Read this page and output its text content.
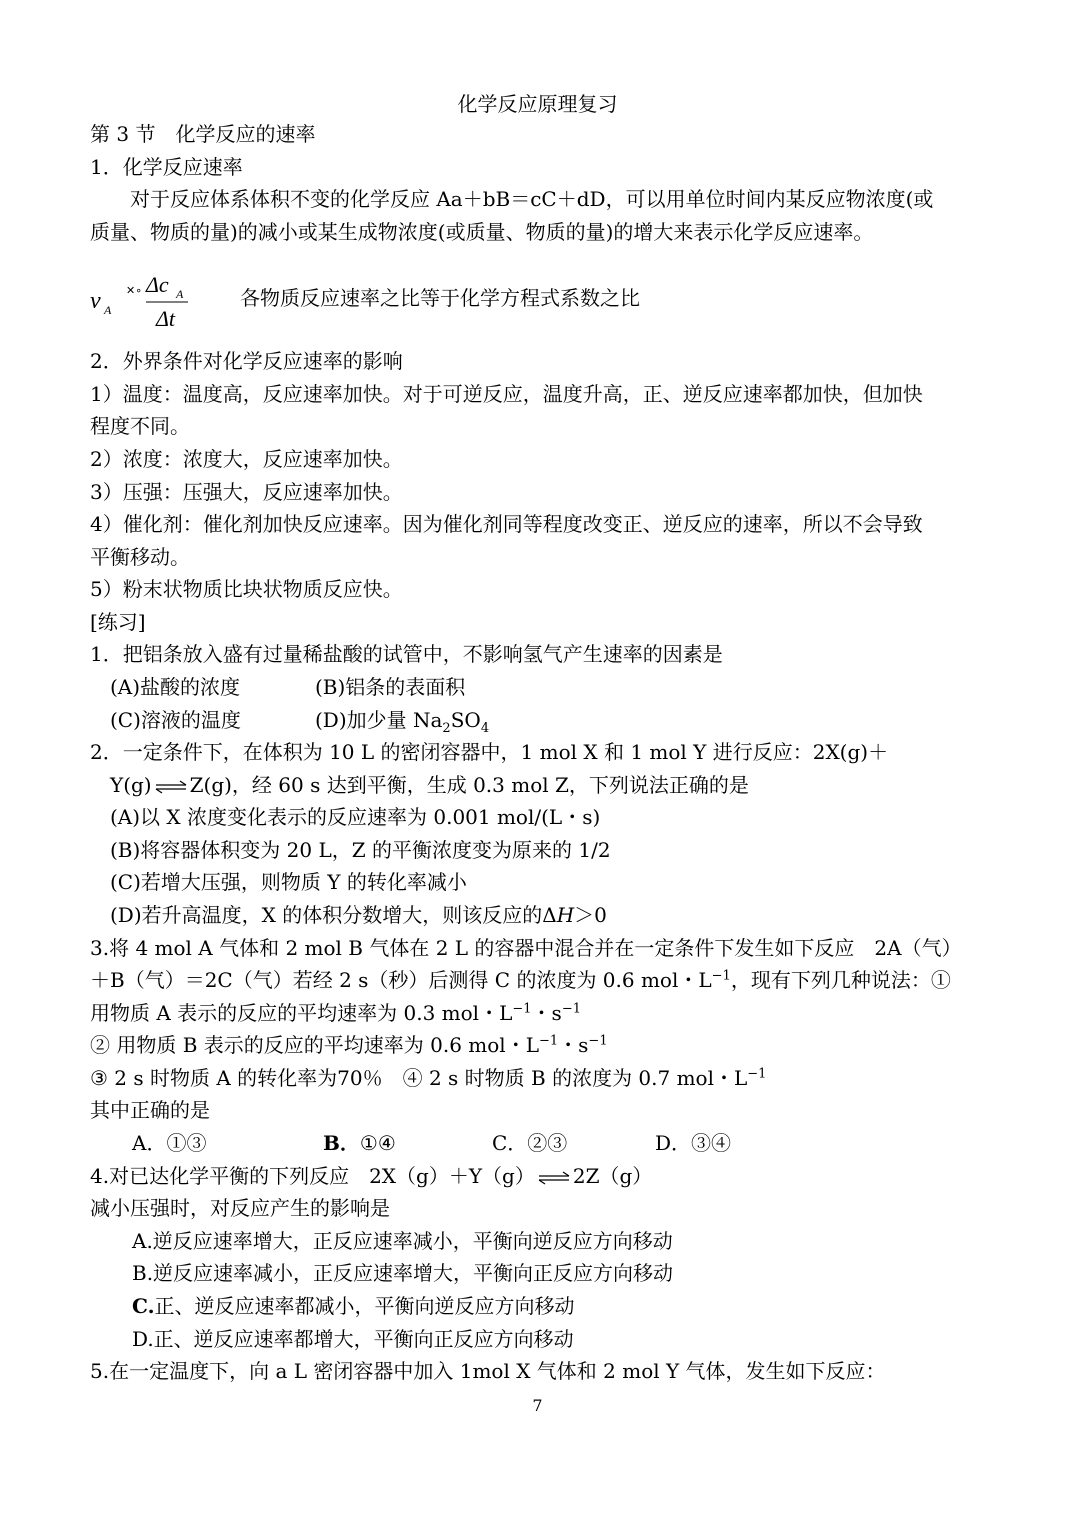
化学反应原理复习
第 3 节　化学反应的速率
1．化学反应速率
对于反应体系体积不变的化学反应 Aa＋bB＝cC＋dD，可以用单位时间内某反应物浓度(或
质量、物质的量)的减小或某生成物浓度(或质量、物质的量)的增大来表示化学反应速率。
ν A
✕∘ Δc A
Δt
各物质反应速率之比等于化学方程式系数之比
2．外界条件对化学反应速率的影响
1）温度：温度高，反应速率加快。对于可逆反应，温度升高，正、逆反应速率都加快，但加快
程度不同。
2）浓度：浓度大，反应速率加快。
3）压强：压强大，反应速率加快。
4）催化剂：催化剂加快反应速率。因为催化剂同等程度改变正、逆反应的速率，所以不会导致
平衡移动。
5）粉末状物质比块状物质反应快。
[练习]
1．把铝条放入盛有过量稀盐酸的试管中，不影响氢气产生速率的因素是
(A)盐酸的浓度	(B)铝条的表面积
(C)溶液的温度	(D)加少量 $Na_2SO_4$
2．一定条件下，在体积为 10 L 的密闭容器中，1 mol X 和 1 mol Y 进行反应：2X(g)＋
Y(g) ⇌ Z(g)，经 60 s 达到平衡，生成 0.3 mol Z，下列说法正确的是
(A)以 X 浓度变化表示的反应速率为 0.001 mol/(L・s)
(B)将容器体积变为 20 L，Z 的平衡浓度变为原来的 1/2
(C)若增大压强，则物质 Y 的转化率减小
(D)若升高温度，X 的体积分数增大，则该反应的ΔH＞0
3.将 4 mol A 气体和 2 mol B 气体在 2 L 的容器中混合并在一定条件下发生如下反应　2A（气）
＋B（气）＝2C（气）若经 2 s（秒）后测得 C 的浓度为 0.6 mol・$L^{-1}$，现有下列几种说法：①
用物质 A 表示的反应的平均速率为 0.3 mol・$L^{-1}$・$s^{-1}$
② 用物质 B 表示的反应的平均速率为 0.6 mol・$L^{-1}$・$s^{-1}$
③ 2 s 时物质 A 的转化率为70％　④ 2 s 时物质 B 的浓度为 0.7 mol・$L^{-1}$
其中正确的是
A．①③	B．①④	C．②③	D．③④
4.对已达化学平衡的下列反应　2X（g）＋Y（g） ⇌ 2Z（g）
减小压强时，对反应产生的影响是
A.逆反应速率增大，正反应速率减小，平衡向逆反应方向移动
B.逆反应速率减小，正反应速率增大，平衡向正反应方向移动
C.正、逆反应速率都减小，平衡向逆反应方向移动
D.正、逆反应速率都增大，平衡向正反应方向移动
5.在一定温度下，向 a L 密闭容器中加入 1mol X 气体和 2 mol Y 气体，发生如下反应：
7
